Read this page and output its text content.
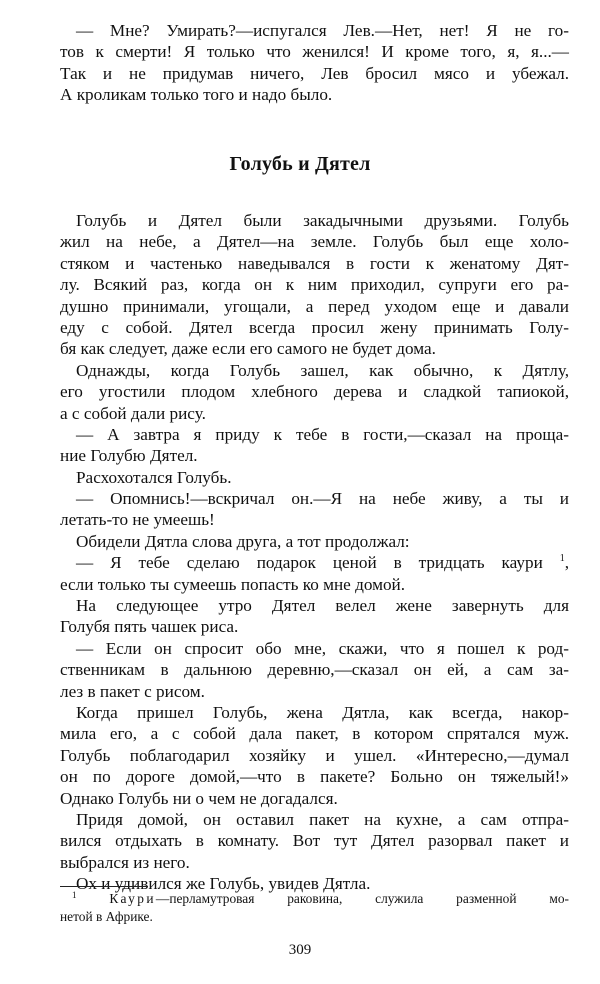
— Мне? Умирать?—испугался Лев.—Нет, нет! Я не го-
тов к смерти! Я только что женился! И кроме того, я, я...—
Так и не придумав ничего, Лев бросил мясо и убежал.
А кроликам только того и надо было.
Голубь и Дятел
Голубь и Дятел были закадычными друзьями. Голубь
жил на небе, а Дятел—на земле. Голубь был еще холо-
стяком и частенько наведывался в гости к женатому Дят-
лу. Всякий раз, когда он к ним приходил, супруги его ра-
душно принимали, угощали, а перед уходом еще и давали
еду с собой. Дятел всегда просил жену принимать Голу-
бя как следует, даже если его самого не будет дома.
Однажды, когда Голубь зашел, как обычно, к Дятлу,
его угостили плодом хлебного дерева и сладкой тапиокой,
а с собой дали рису.
— А завтра я приду к тебе в гости,—сказал на проща-
ние Голубю Дятел.
Расхохотался Голубь.
— Опомнись!—вскричал он.—Я на небе живу, а ты и
летать-то не умеешь!
Обидели Дятла слова друга, а тот продолжал:
— Я тебе сделаю подарок ценой в тридцать каури $^1$,
если только ты сумеешь попасть ко мне домой.
На следующее утро Дятел велел жене завернуть для
Голубя пять чашек риса.
— Если он спросит обо мне, скажи, что я пошел к род-
ственникам в дальнюю деревню,—сказал он ей, а сам за-
лез в пакет с рисом.
Когда пришел Голубь, жена Дятла, как всегда, накор-
мила его, а с собой дала пакет, в котором спрятался муж.
Голубь поблагодарил хозяйку и ушел. «Интересно,—думал
он по дороге домой,—что в пакете? Больно он тяжелый!»
Однако Голубь ни о чем не догадался.
Придя домой, он оставил пакет на кухне, а сам отпра-
вился отдыхать в комнату. Вот тут Дятел разорвал пакет и
выбрался из него.
Ох и удивился же Голубь, увидев Дятла.
$^1$ Каури—перламутровая раковина, служила разменной мо-
нетой в Африке.
309
